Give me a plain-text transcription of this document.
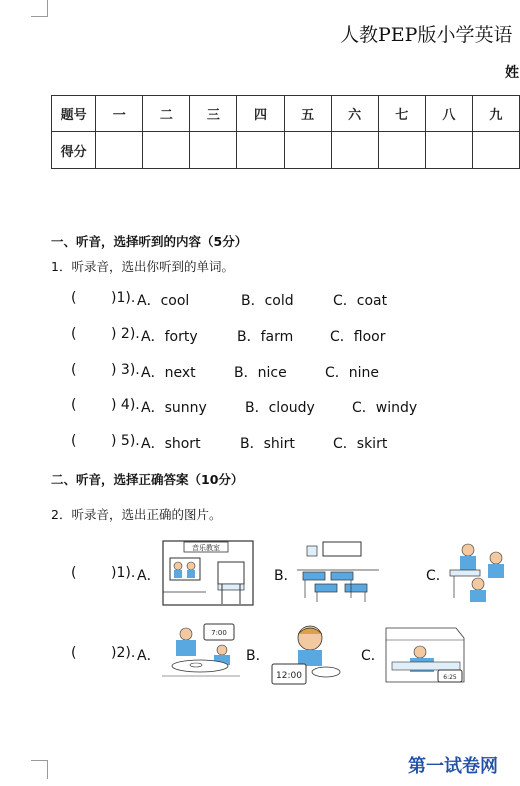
人教PEP版小学英语
姓
题号	一	二	三	四	五	六	七	八	九
得分									
一、听音，选择听到的内容（5分）
1．听录音，选出你听到的单词。
( )1). A．cool	B．cold	C．coat
( ) 2). A．forty	B．farm	C．floor
( ) 3). A．next	B．nice	C．nine
( ) 4). A．sunny	B．cloudy	C．windy
( ) 5). A．short	B．shirt	C．skirt
二、听音，选择正确答案（10分）
2．听录音，选出正确的图片。
( )1). A．	B．	C．
音乐教室
( )2). A．	B．	C．
7:00
12:00	6:25
第一试卷网
